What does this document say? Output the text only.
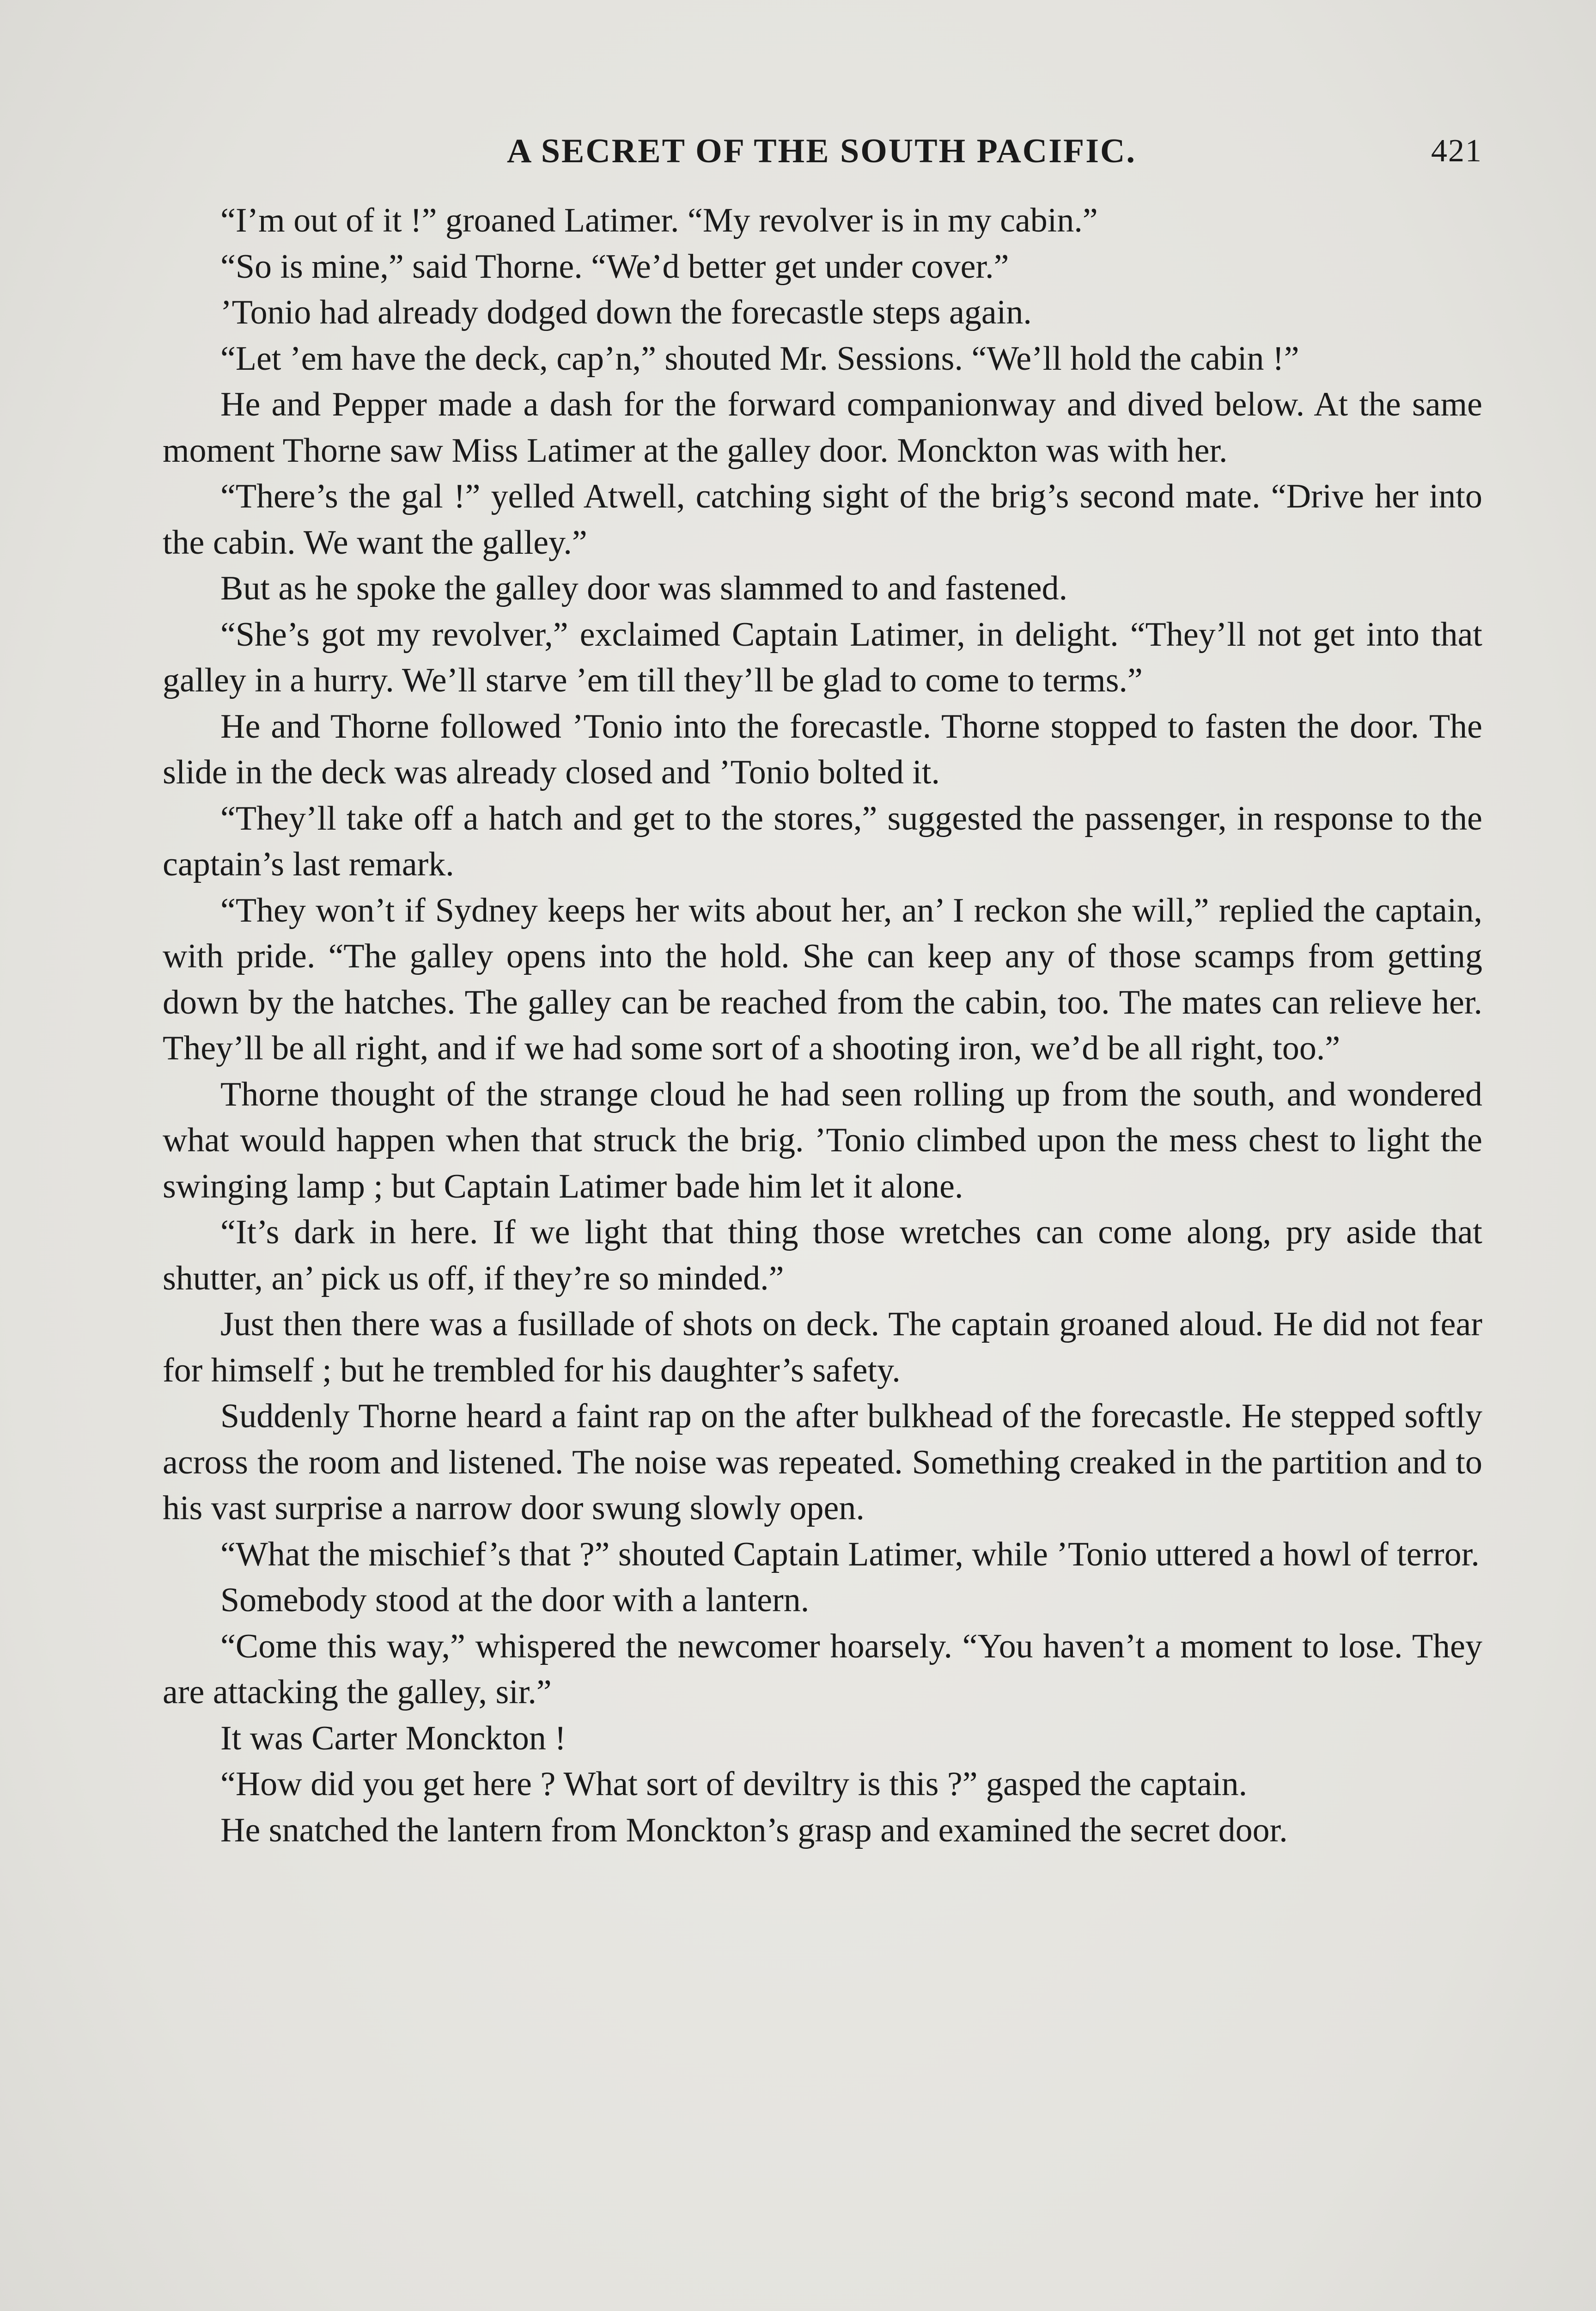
A SECRET OF THE SOUTH PACIFIC.	421

“I’m out of it !” groaned Latimer. “My revolver is in my cabin.”

“So is mine,” said Thorne. “We’d better get under cover.”

’Tonio had already dodged down the forecastle steps again.

“Let ’em have the deck, cap’n,” shouted Mr. Sessions. “We’ll hold the cabin !”

He and Pepper made a dash for the forward companionway and dived below. At the same moment Thorne saw Miss Latimer at the galley door. Monckton was with her.

“There’s the gal !” yelled Atwell, catching sight of the brig’s second mate. “Drive her into the cabin. We want the galley.”

But as he spoke the galley door was slammed to and fastened.

“She’s got my revolver,” exclaimed Captain Latimer, in delight. “They’ll not get into that galley in a hurry. We’ll starve ’em till they’ll be glad to come to terms.”

He and Thorne followed ’Tonio into the forecastle. Thorne stopped to fasten the door. The slide in the deck was already closed and ’Tonio bolted it.

“They’ll take off a hatch and get to the stores,” suggested the passenger, in response to the captain’s last remark.

“They won’t if Sydney keeps her wits about her, an’ I reckon she will,” replied the captain, with pride. “The galley opens into the hold. She can keep any of those scamps from getting down by the hatches. The galley can be reached from the cabin, too. The mates can relieve her. They’ll be all right, and if we had some sort of a shooting iron, we’d be all right, too.”

Thorne thought of the strange cloud he had seen rolling up from the south, and wondered what would happen when that struck the brig. ’Tonio climbed upon the mess chest to light the swinging lamp ; but Captain Latimer bade him let it alone.

“It’s dark in here. If we light that thing those wretches can come along, pry aside that shutter, an’ pick us off, if they’re so minded.”

Just then there was a fusillade of shots on deck. The captain groaned aloud. He did not fear for himself ; but he trembled for his daughter’s safety.

Suddenly Thorne heard a faint rap on the after bulkhead of the forecastle. He stepped softly across the room and listened. The noise was repeated. Something creaked in the partition and to his vast surprise a narrow door swung slowly open.

“What the mischief’s that ?” shouted Captain Latimer, while ’Tonio uttered a howl of terror.

Somebody stood at the door with a lantern.

“Come this way,” whispered the newcomer hoarsely. “You haven’t a moment to lose. They are attacking the galley, sir.”

It was Carter Monckton !

“How did you get here ? What sort of deviltry is this ?” gasped the captain.

He snatched the lantern from Monckton’s grasp and examined the secret door.
